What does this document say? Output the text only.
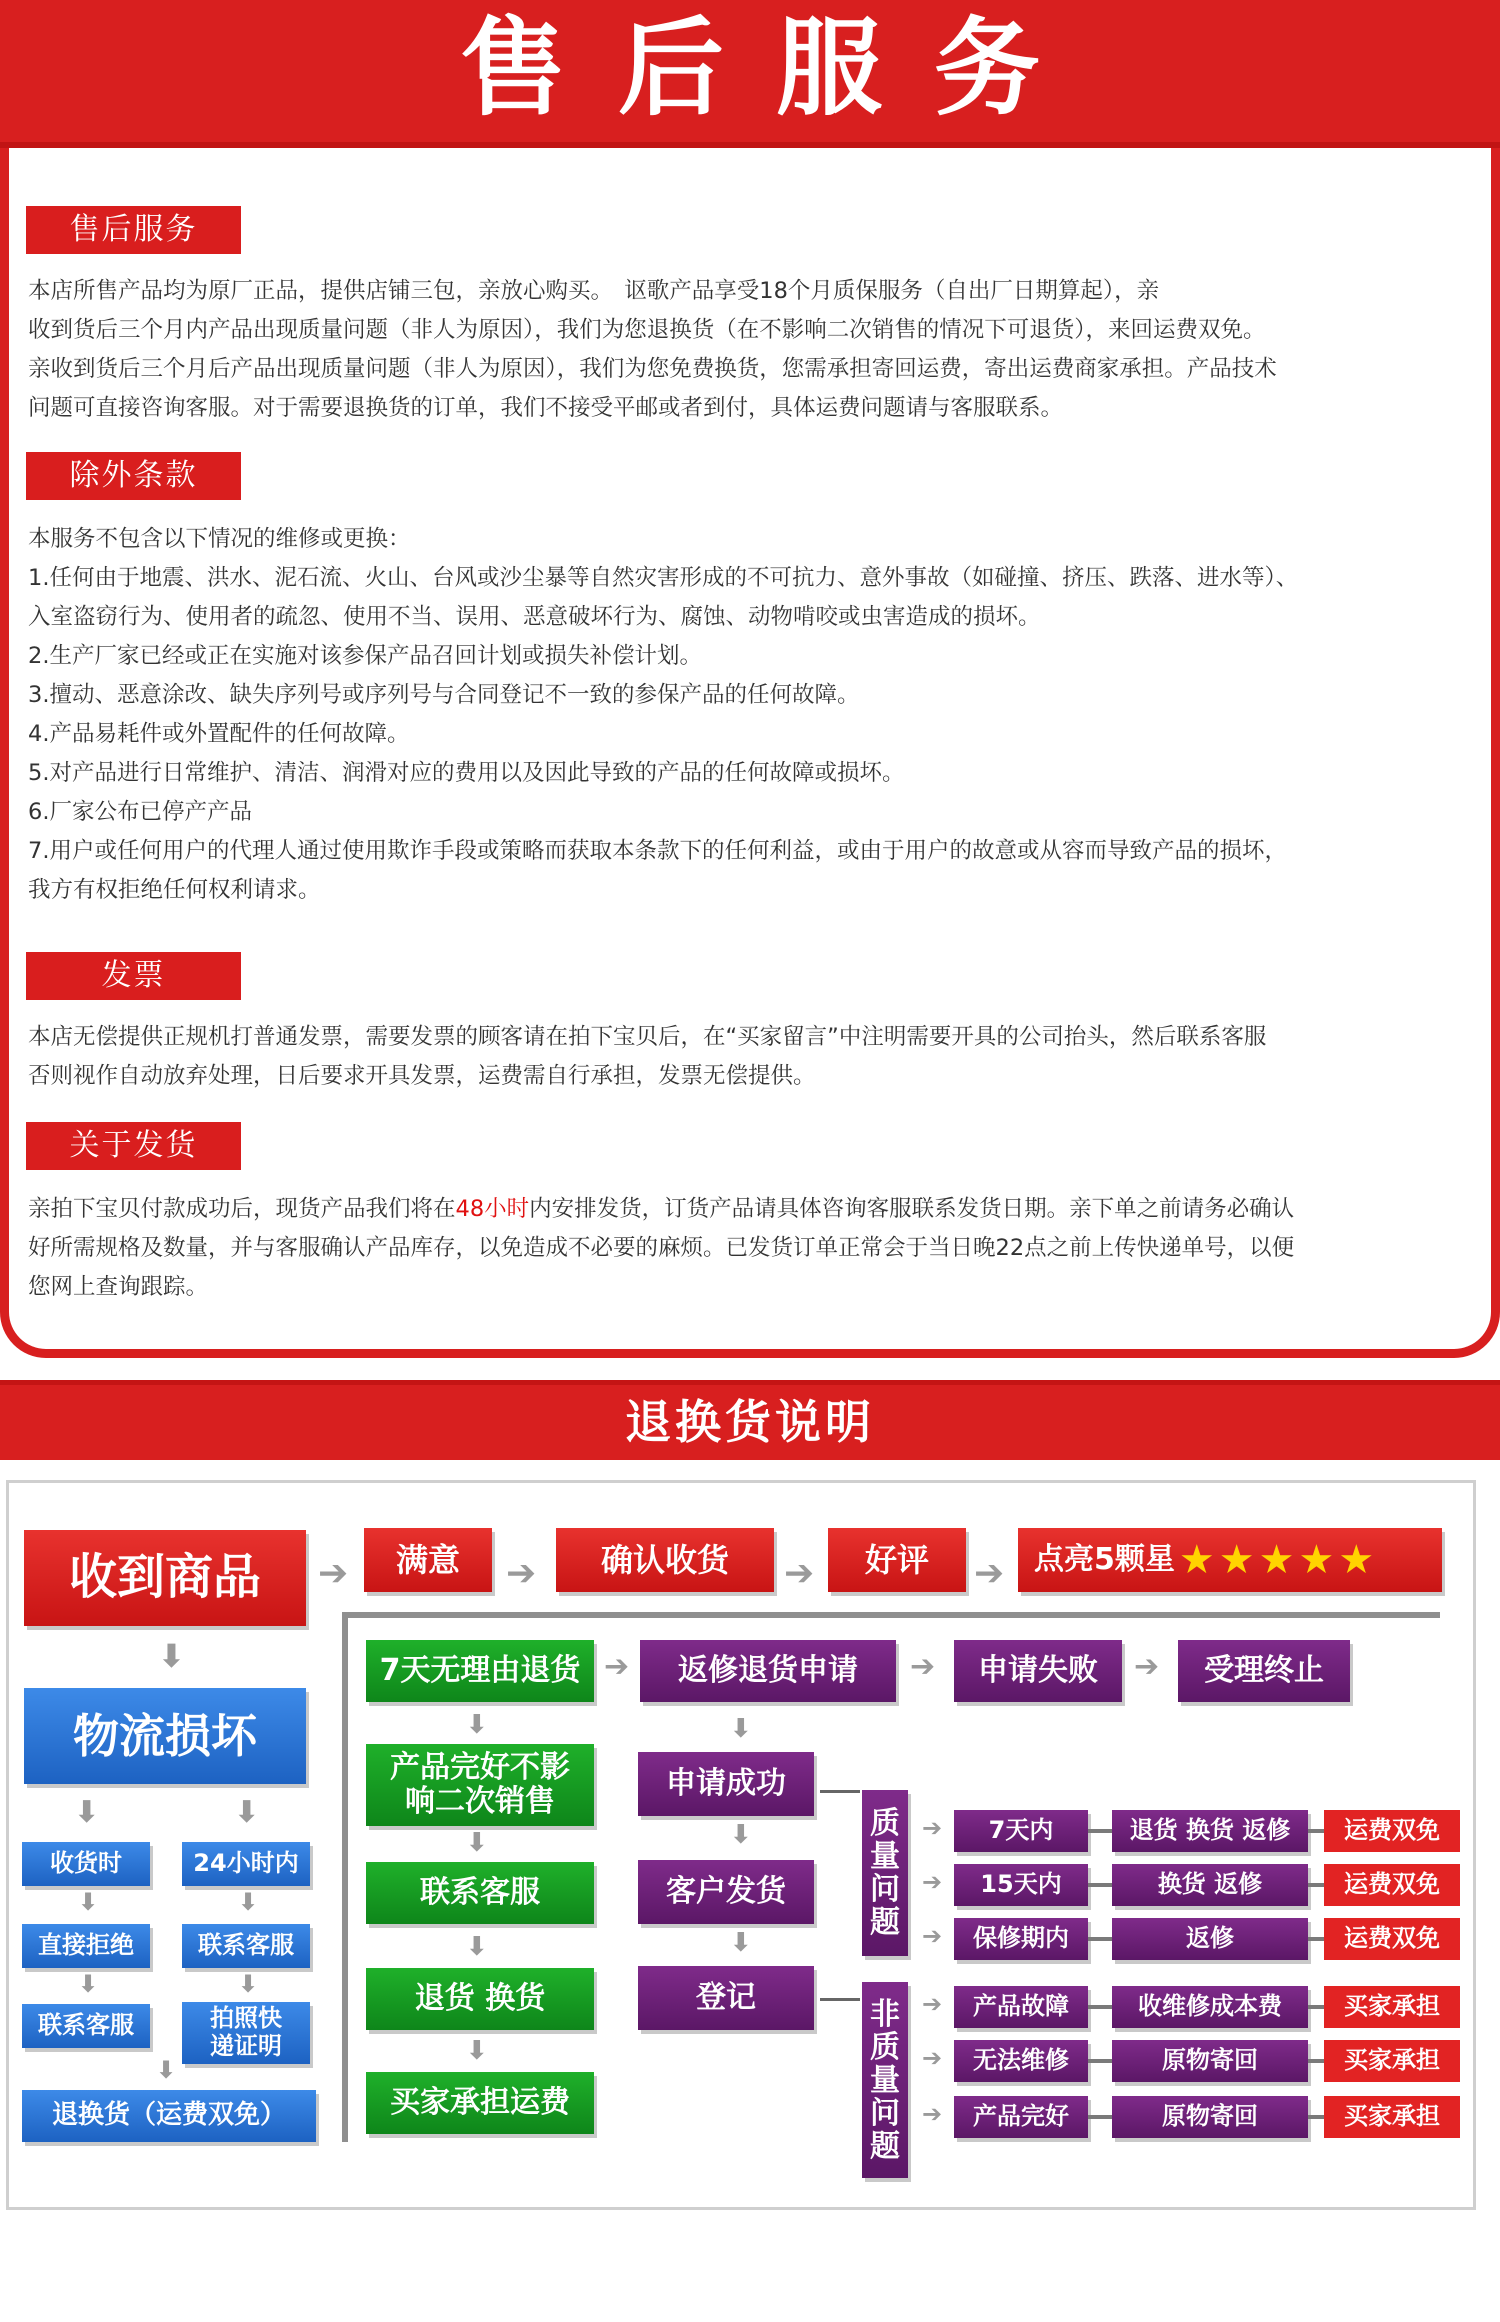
售后服务
售后服务

本店所售产品均为原厂正品，提供店铺三包，亲放心购买。　讴歌产品享受18个月质保服务（自出厂日期算起），亲

收到货后三个月内产品出现质量问题（非人为原因），我们为您退换货（在不影响二次销售的情况下可退货），来回运费双免。

亲收到货后三个月后产品出现质量问题（非人为原因），我们为您免费换货，您需承担寄回运费，寄出运费商家承担。产品技术

问题可直接咨询客服。对于需要退换货的订单，我们不接受平邮或者到付，具体运费问题请与客服联系。

除外条款

本服务不包含以下情况的维修或更换：

1.任何由于地震、洪水、泥石流、火山、台风或沙尘暴等自然灾害形成的不可抗力、意外事故（如碰撞、挤压、跌落、进水等）、

入室盗窃行为、使用者的疏忽、使用不当、误用、恶意破坏行为、腐蚀、动物啃咬或虫害造成的损坏。

2.生产厂家已经或正在实施对该参保产品召回计划或损失补偿计划。

3.擅动、恶意涂改、缺失序列号或序列号与合同登记不一致的参保产品的任何故障。

4.产品易耗件或外置配件的任何故障。

5.对产品进行日常维护、清洁、润滑对应的费用以及因此导致的产品的任何故障或损坏。

6.厂家公布已停产产品

7.用户或任何用户的代理人通过使用欺诈手段或策略而获取本条款下的任何利益，或由于用户的故意或从容而导致产品的损坏，

我方有权拒绝任何权利请求。

发票

本店无偿提供正规机打普通发票，需要发票的顾客请在拍下宝贝后，在“买家留言”中注明需要开具的公司抬头，然后联系客服

否则视作自动放弃处理，日后要求开具发票，运费需自行承担，发票无偿提供。

关于发货

亲拍下宝贝付款成功后，现货产品我们将在48小时内安排发货，订货产品请具体咨询客服联系发货日期。亲下单之前请务必确认

好所需规格及数量，并与客服确认产品库存，以免造成不必要的麻烦。已发货订单正常会于当日晚22点之前上传快递单号，以便

您网上查询跟踪。

退换货说明
收到商品	➔	满意	➔	确认收货	➔	好评	➔ 点亮5颗星 ★ ★ ★ ★ ★
⬇
物流损坏
⬇	⬇
收货时	24小时内
⬇	⬇
直接拒绝	联系客服
⬇	⬇
联系客服	拍照快
递证明
⬇
退换货（运费双免）
7天无理由退货
⬇
产品完好不影
响二次销售
⬇
联系客服
⬇
退货 换货
⬇
买家承担运费
➔	返修退货申请	➔	申请失败	➔	受理终止
⬇
申请成功
⬇
客户发货
⬇
登记
质
量
问
题
非
质
量
问
题
➔	7天内	退货 换货 返修	运费双免
➔	15天内	换货 返修	运费双免
➔	保修期内	返修	运费双免
➔	产品故障	收维修成本费	买家承担
➔	无法维修	原物寄回	买家承担
➔	产品完好	原物寄回	买家承担
